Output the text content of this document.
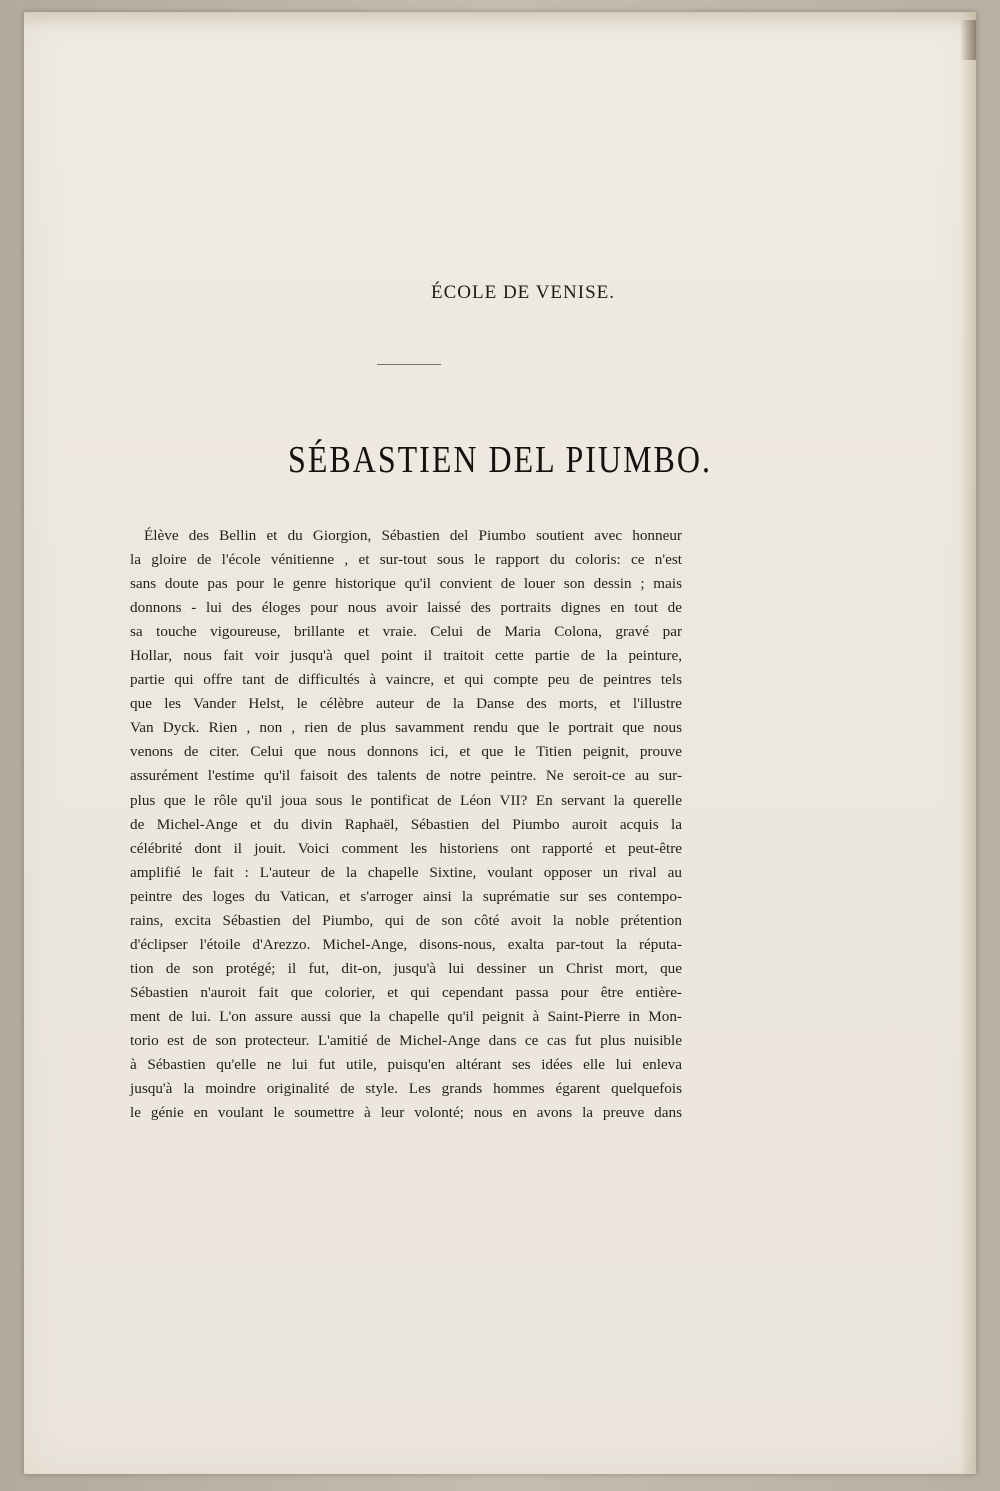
ÉCOLE DE VENISE.
SÉBASTIEN DEL PIUMBO.
Élève des Bellin et du Giorgion, Sébastien del Piumbo soutient avec honneur
la gloire de l'école vénitienne , et sur-tout sous le rapport du coloris: ce n'est
sans doute pas pour le genre historique qu'il convient de louer son dessin ; mais
donnons - lui des éloges pour nous avoir laissé des portraits dignes en tout de
sa touche vigoureuse, brillante et vraie. Celui de Maria Colona, gravé par
Hollar, nous fait voir jusqu'à quel point il traitoit cette partie de la peinture,
partie qui offre tant de difficultés à vaincre, et qui compte peu de peintres tels
que les Vander Helst, le célèbre auteur de la Danse des morts, et l'illustre
Van Dyck. Rien , non , rien de plus savamment rendu que le portrait que nous
venons de citer. Celui que nous donnons ici, et que le Titien peignit, prouve
assurément l'estime qu'il faisoit des talents de notre peintre. Ne seroit-ce au sur-
plus que le rôle qu'il joua sous le pontificat de Léon VII? En servant la querelle
de Michel-Ange et du divin Raphaël, Sébastien del Piumbo auroit acquis la
célébrité dont il jouit. Voici comment les historiens ont rapporté et peut-être
amplifié le fait : L'auteur de la chapelle Sixtine, voulant opposer un rival au
peintre des loges du Vatican, et s'arroger ainsi la suprématie sur ses contempo-
rains, excita Sébastien del Piumbo, qui de son côté avoit la noble prétention
d'éclipser l'étoile d'Arezzo. Michel-Ange, disons-nous, exalta par-tout la réputa-
tion de son protégé; il fut, dit-on, jusqu'à lui dessiner un Christ mort, que
Sébastien n'auroit fait que colorier, et qui cependant passa pour être entière-
ment de lui. L'on assure aussi que la chapelle qu'il peignit à Saint-Pierre in Mon-
torio est de son protecteur. L'amitié de Michel-Ange dans ce cas fut plus nuisible
à Sébastien qu'elle ne lui fut utile, puisqu'en altérant ses idées elle lui enleva
jusqu'à la moindre originalité de style. Les grands hommes égarent quelquefois
le génie en voulant le soumettre à leur volonté; nous en avons la preuve dans
